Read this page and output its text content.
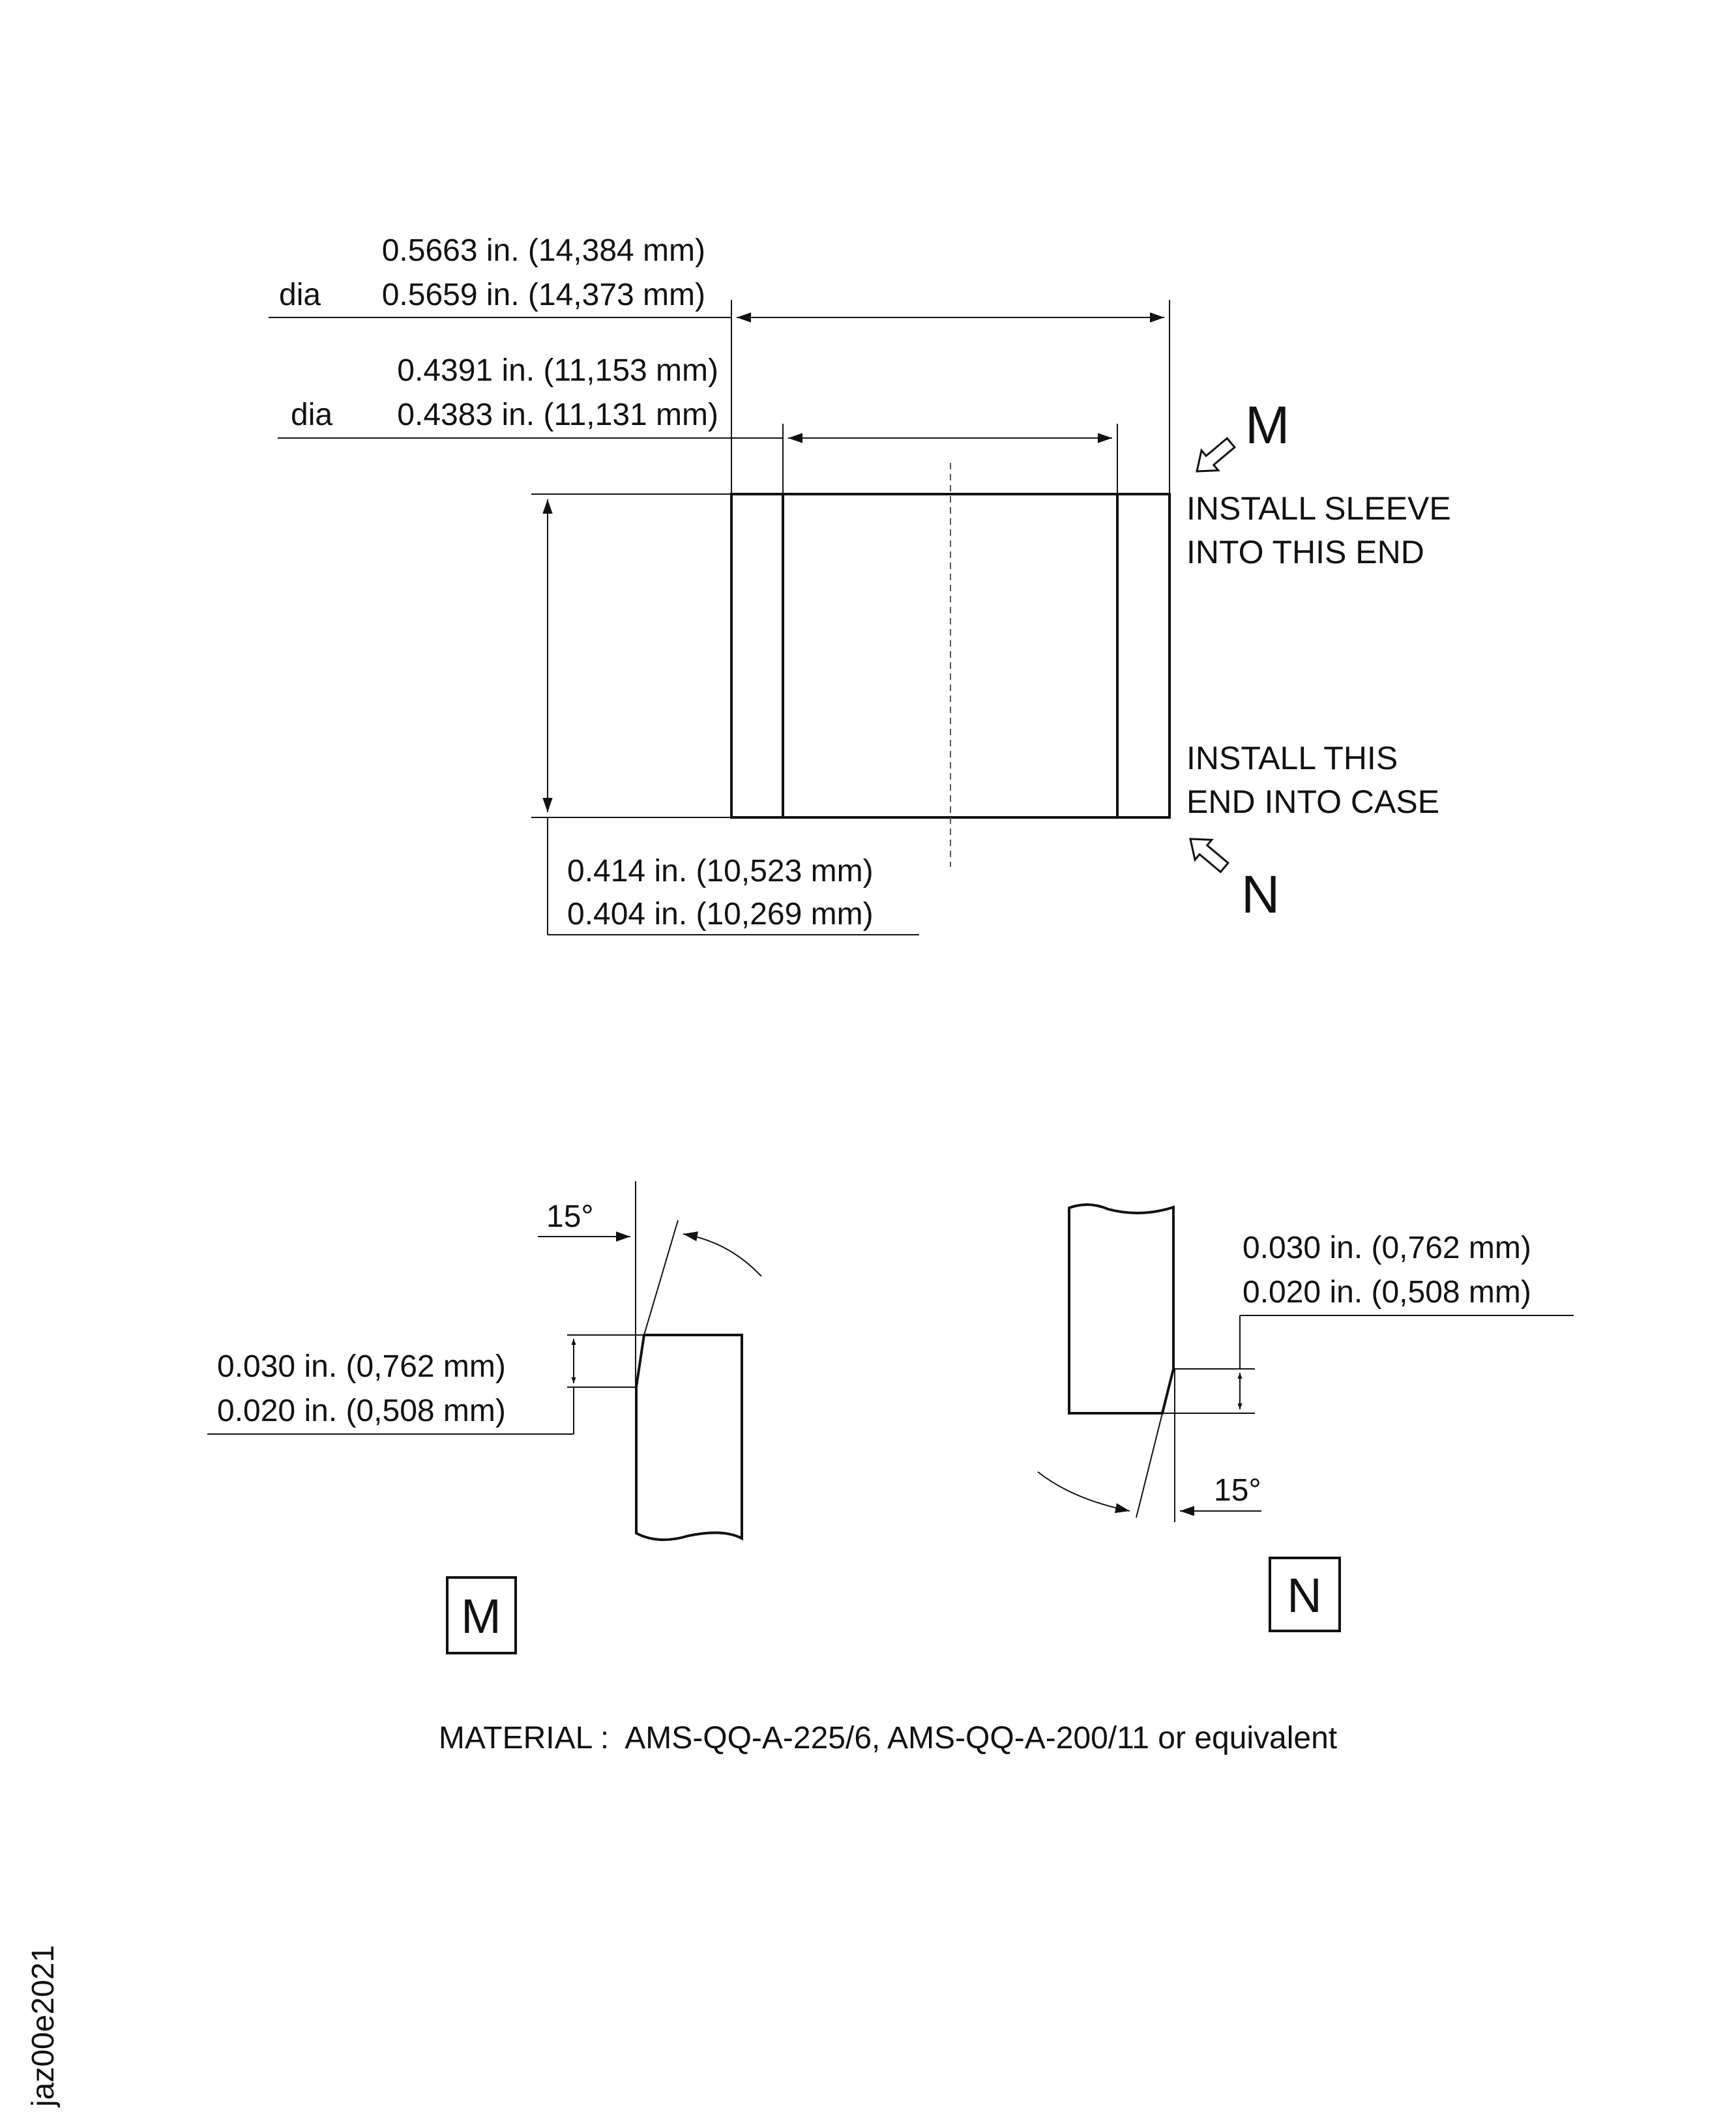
0.5663 in. (14,384 mm)
dia 0.5659 in. (14,373 mm)
0.4391 in. (11,153 mm)
dia 0.4383 in. (11,131 mm)
0.414 in. (10,523 mm)
0.404 in. (10,269 mm)
M
INSTALL SLEEVE
INTO THIS END
INSTALL THIS
END INTO CASE
N
15°
0.030 in. (0,762 mm)
0.020 in. (0,508 mm)
M
15°
0.030 in. (0,762 mm)
0.020 in. (0,508 mm)
N
MATERIAL :  AMS-QQ-A-225/6, AMS-QQ-A-200/11 or equivalent
jaz00e2021
